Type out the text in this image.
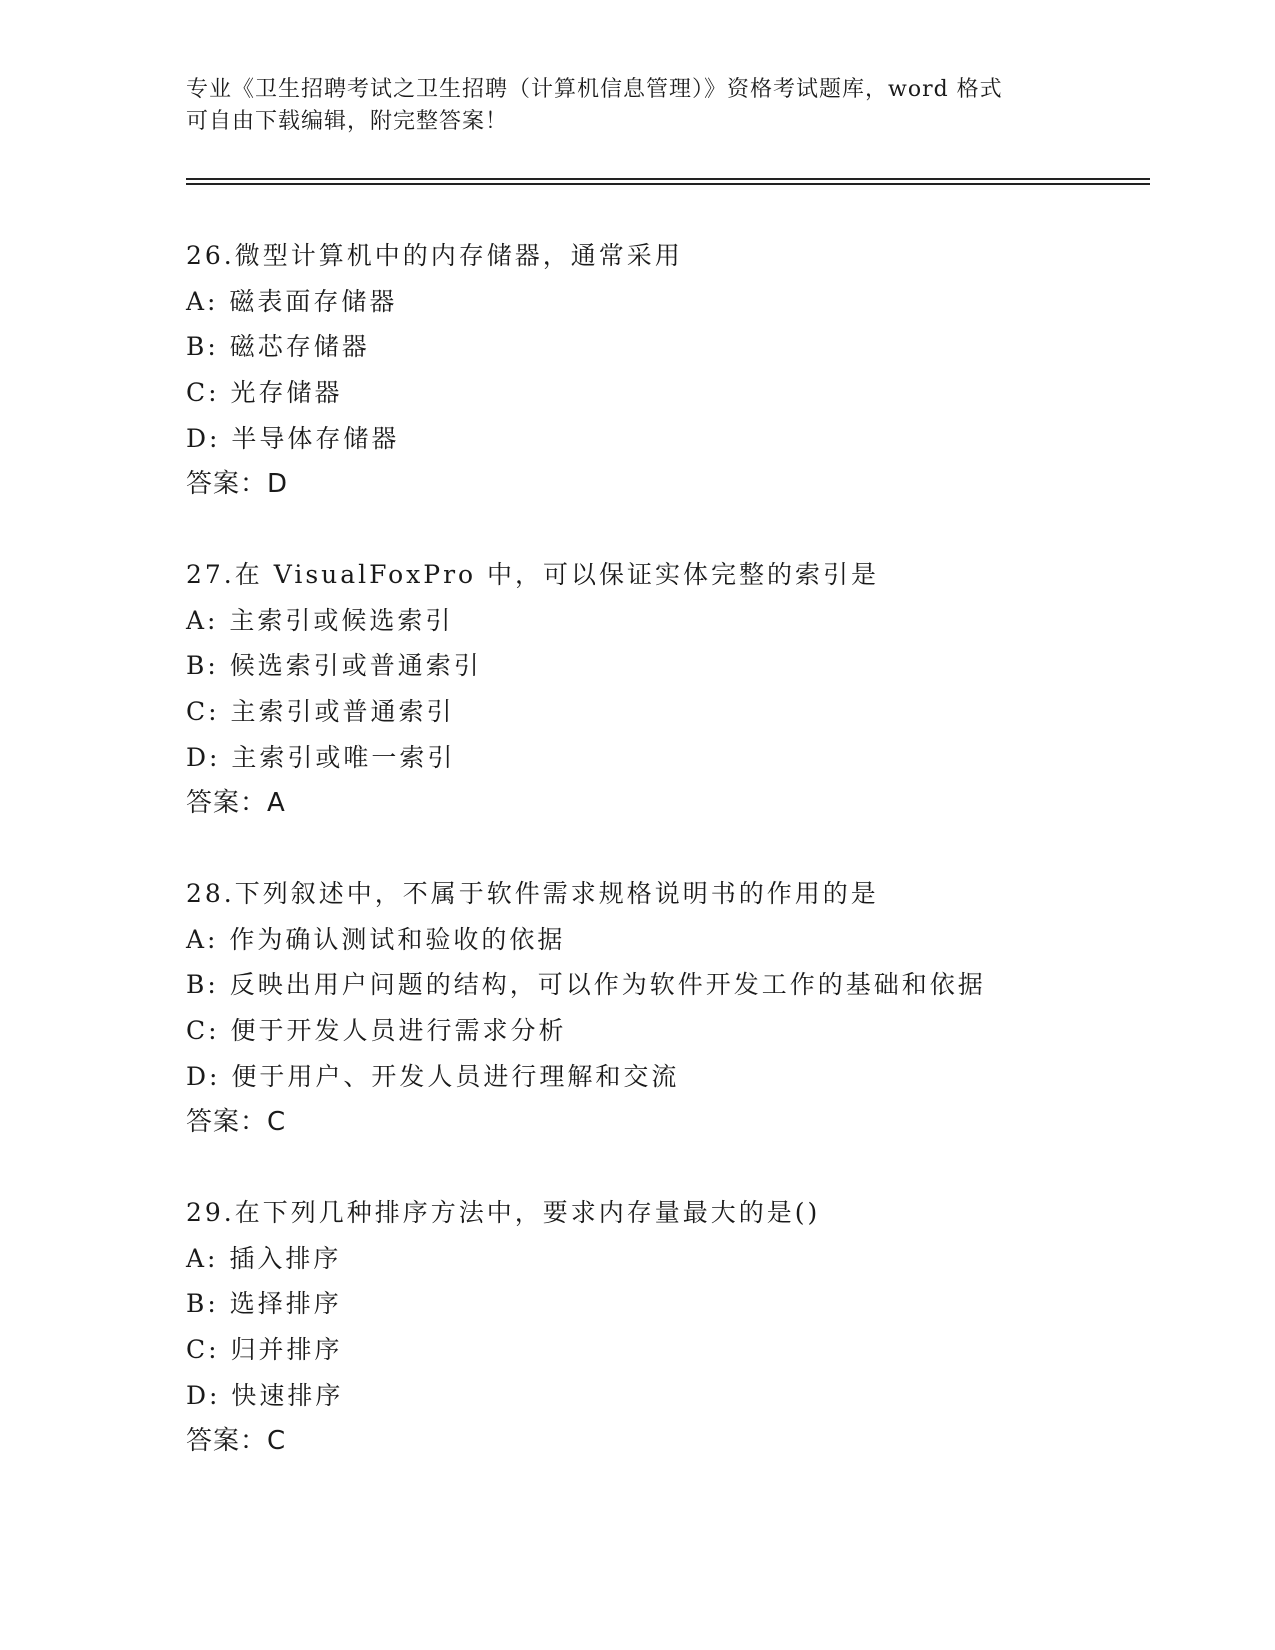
专业《卫生招聘考试之卫生招聘（计算机信息管理）》资格考试题库，word 格式
可自由下载编辑，附完整答案！
26.微型计算机中的内存储器，通常采用
A: 磁表面存储器
B: 磁芯存储器
C: 光存储器
D: 半导体存储器
答案：D
27.在 VisualFoxPro 中，可以保证实体完整的索引是
A: 主索引或候选索引
B: 候选索引或普通索引
C: 主索引或普通索引
D: 主索引或唯一索引
答案：A
28.下列叙述中，不属于软件需求规格说明书的作用的是
A: 作为确认测试和验收的依据
B: 反映出用户问题的结构，可以作为软件开发工作的基础和依据
C: 便于开发人员进行需求分析
D: 便于用户、开发人员进行理解和交流
答案：C
29.在下列几种排序方法中，要求内存量最大的是()
A: 插入排序
B: 选择排序
C: 归并排序
D: 快速排序
答案：C
